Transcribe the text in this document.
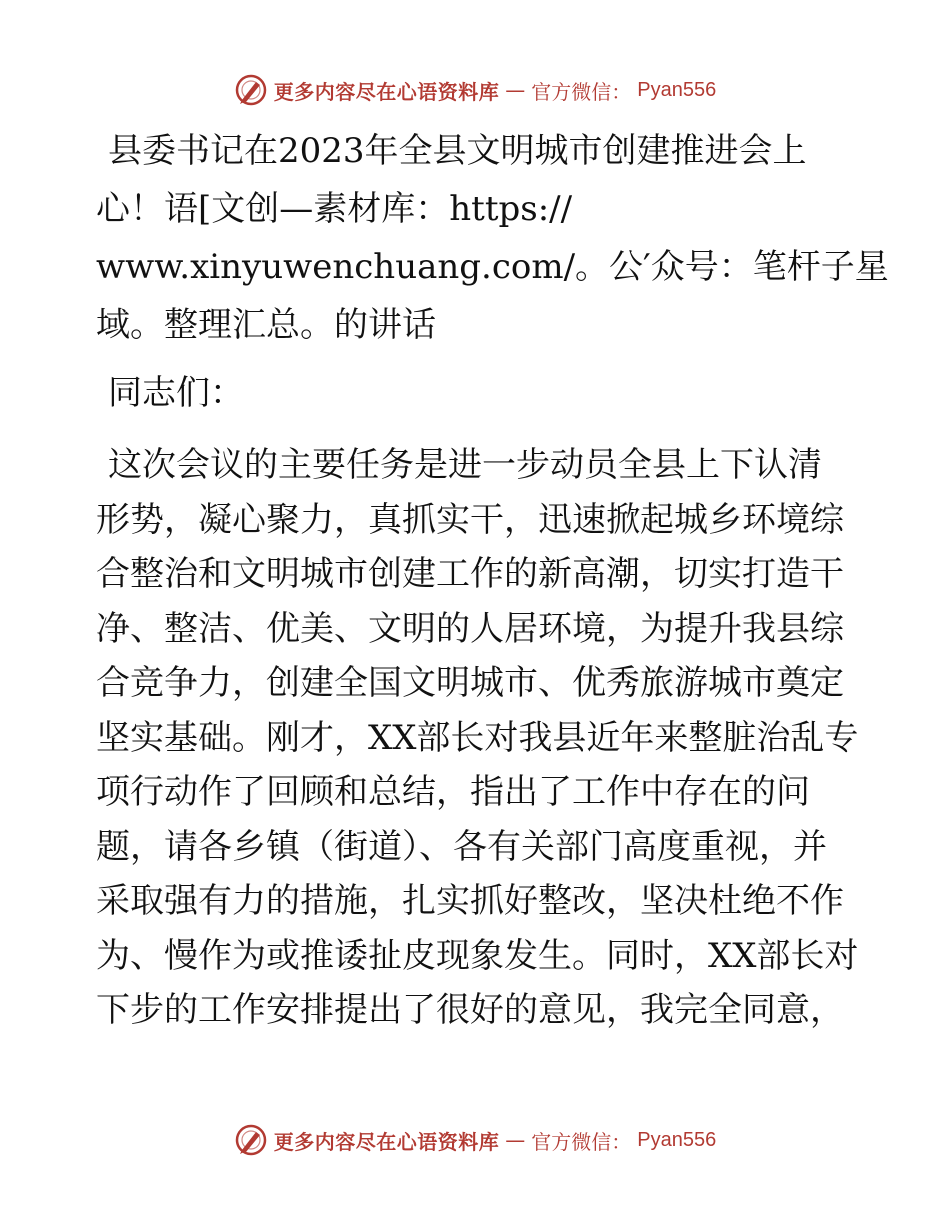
更多内容尽在心语资料库 — 官方微信： Pyan556
县委书记在2023年全县文明城市创建推进会上
心！语[文创—素材库：https://
www.xinyuwenchuang.com/。公′众号：笔杆子星
域。整理汇总。的讲话

同志们：

这次会议的主要任务是进一步动员全县上下认清
形势，凝心聚力，真抓实干，迅速掀起城乡环境综
合整治和文明城市创建工作的新高潮，切实打造干
净、整洁、优美、文明的人居环境，为提升我县综
合竞争力，创建全国文明城市、优秀旅游城市奠定
坚实基础。刚才，XX部长对我县近年来整脏治乱专
项行动作了回顾和总结，指出了工作中存在的问
题，请各乡镇（街道）、各有关部门高度重视，并
采取强有力的措施，扎实抓好整改，坚决杜绝不作
为、慢作为或推诿扯皮现象发生。同时，XX部长对
下步的工作安排提出了很好的意见，我完全同意，
更多内容尽在心语资料库 — 官方微信： Pyan556
